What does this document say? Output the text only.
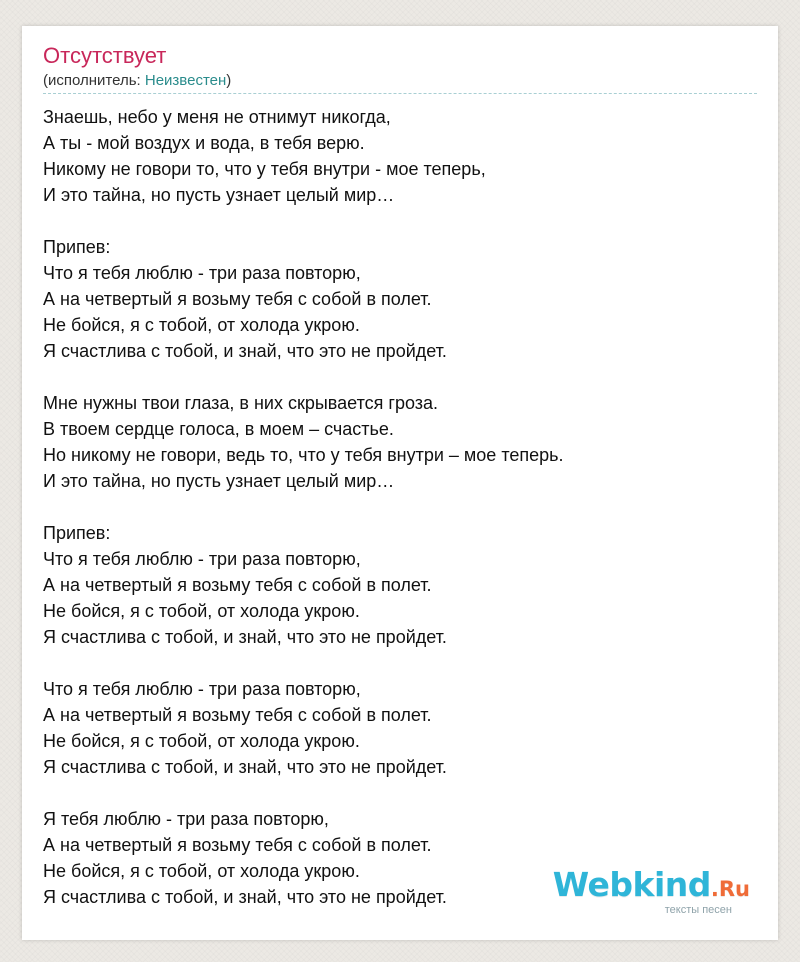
Отсутствует
(исполнитель: Неизвестен)
Знаешь, небо у меня не отнимут никогда,
А ты - мой воздух и вода, в тебя верю.
Никому не говори то, что у тебя внутри - мое теперь,
И это тайна, но пусть узнает целый мир…
Припев:
Что я тебя люблю - три раза повторю,
А на четвертый я возьму тебя с собой в полет.
Не бойся, я с тобой, от холода укрою.
Я счастлива с тобой, и знай, что это не пройдет.
Мне нужны твои глаза, в них скрывается гроза.
В твоем сердце голоса, в моем – счастье.
Но никому не говори, ведь то, что у тебя внутри – мое теперь.
И это тайна, но пусть узнает целый мир…
Припев:
Что я тебя люблю - три раза повторю,
А на четвертый я возьму тебя с собой в полет.
Не бойся, я с тобой, от холода укрою.
Я счастлива с тобой, и знай, что это не пройдет.
Что я тебя люблю - три раза повторю,
А на четвертый я возьму тебя с собой в полет.
Не бойся, я с тобой, от холода укрою.
Я счастлива с тобой, и знай, что это не пройдет.
Я тебя люблю - три раза повторю,
А на четвертый я возьму тебя с собой в полет.
Не бойся, я с тобой, от холода укрою.
Я счастлива с тобой, и знай, что это не пройдет.	Webkind.Ru
тексты песен
